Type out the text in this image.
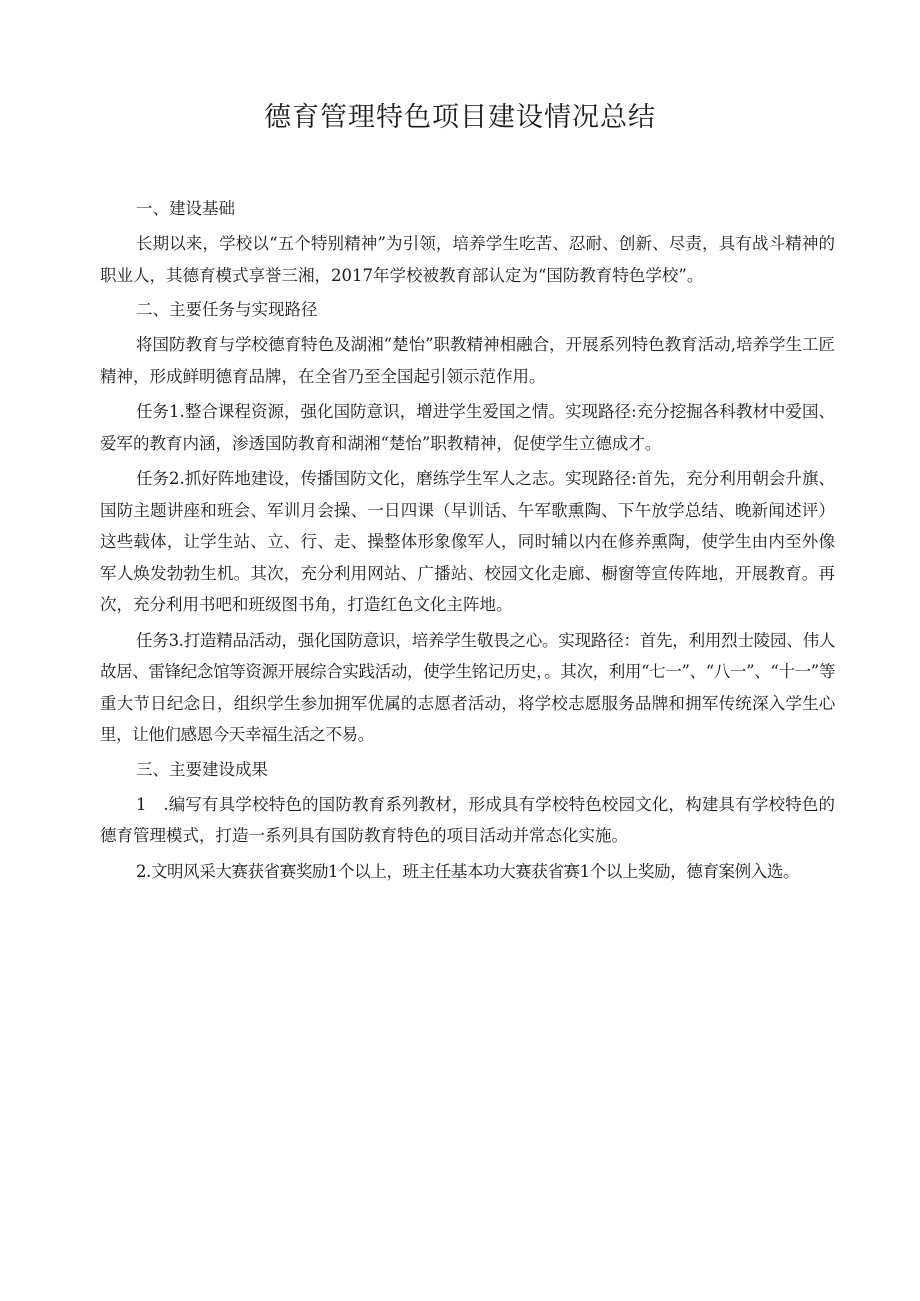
德育管理特色项目建设情况总结

一、建设基础

长期以来，学校以“五个特别精神”为引领，培养学生吃苦、忍耐、创新、尽责，具有战斗精神的职业人，其德育模式享誉三湘，2017年学校被教育部认定为“国防教育特色学校”。

二、主要任务与实现路径

将国防教育与学校德育特色及湖湘“楚怡”职教精神相融合，开展系列特色教育活动,培养学生工匠精神，形成鲜明德育品牌，在全省乃至全国起引领示范作用。

任务1.整合课程资源，强化国防意识，增进学生爱国之情。实现路径:充分挖掘各科教材中爱国、爱军的教育内涵，渗透国防教育和湖湘“楚怡”职教精神，促使学生立德成才。

任务2.抓好阵地建设，传播国防文化，磨练学生军人之志。实现路径:首先，充分利用朝会升旗、国防主题讲座和班会、军训月会操、一日四课（早训话、午军歌熏陶、下午放学总结、晚新闻述评）这些载体，让学生站、立、行、走、操整体形象像军人，同时辅以内在修养熏陶，使学生由内至外像军人焕发勃勃生机。其次，充分利用网站、广播站、校园文化走廊、橱窗等宣传阵地，开展教育。再次，充分利用书吧和班级图书角，打造红色文化主阵地。

任务3.打造精品活动，强化国防意识，培养学生敬畏之心。实现路径：首先，利用烈士陵园、伟人故居、雷锋纪念馆等资源开展综合实践活动，使学生铭记历史，。其次，利用“七一”、“八一”、“十一”等重大节日纪念日，组织学生参加拥军优属的志愿者活动，将学校志愿服务品牌和拥军传统深入学生心里，让他们感恩今天幸福生活之不易。

三、主要建设成果

1　.编写有具学校特色的国防教育系列教材，形成具有学校特色校园文化，构建具有学校特色的德育管理模式，打造一系列具有国防教育特色的项目活动并常态化实施。

2.文明风采大赛获省赛奖励1个以上，班主任基本功大赛获省赛1个以上奖励，德育案例入选。
